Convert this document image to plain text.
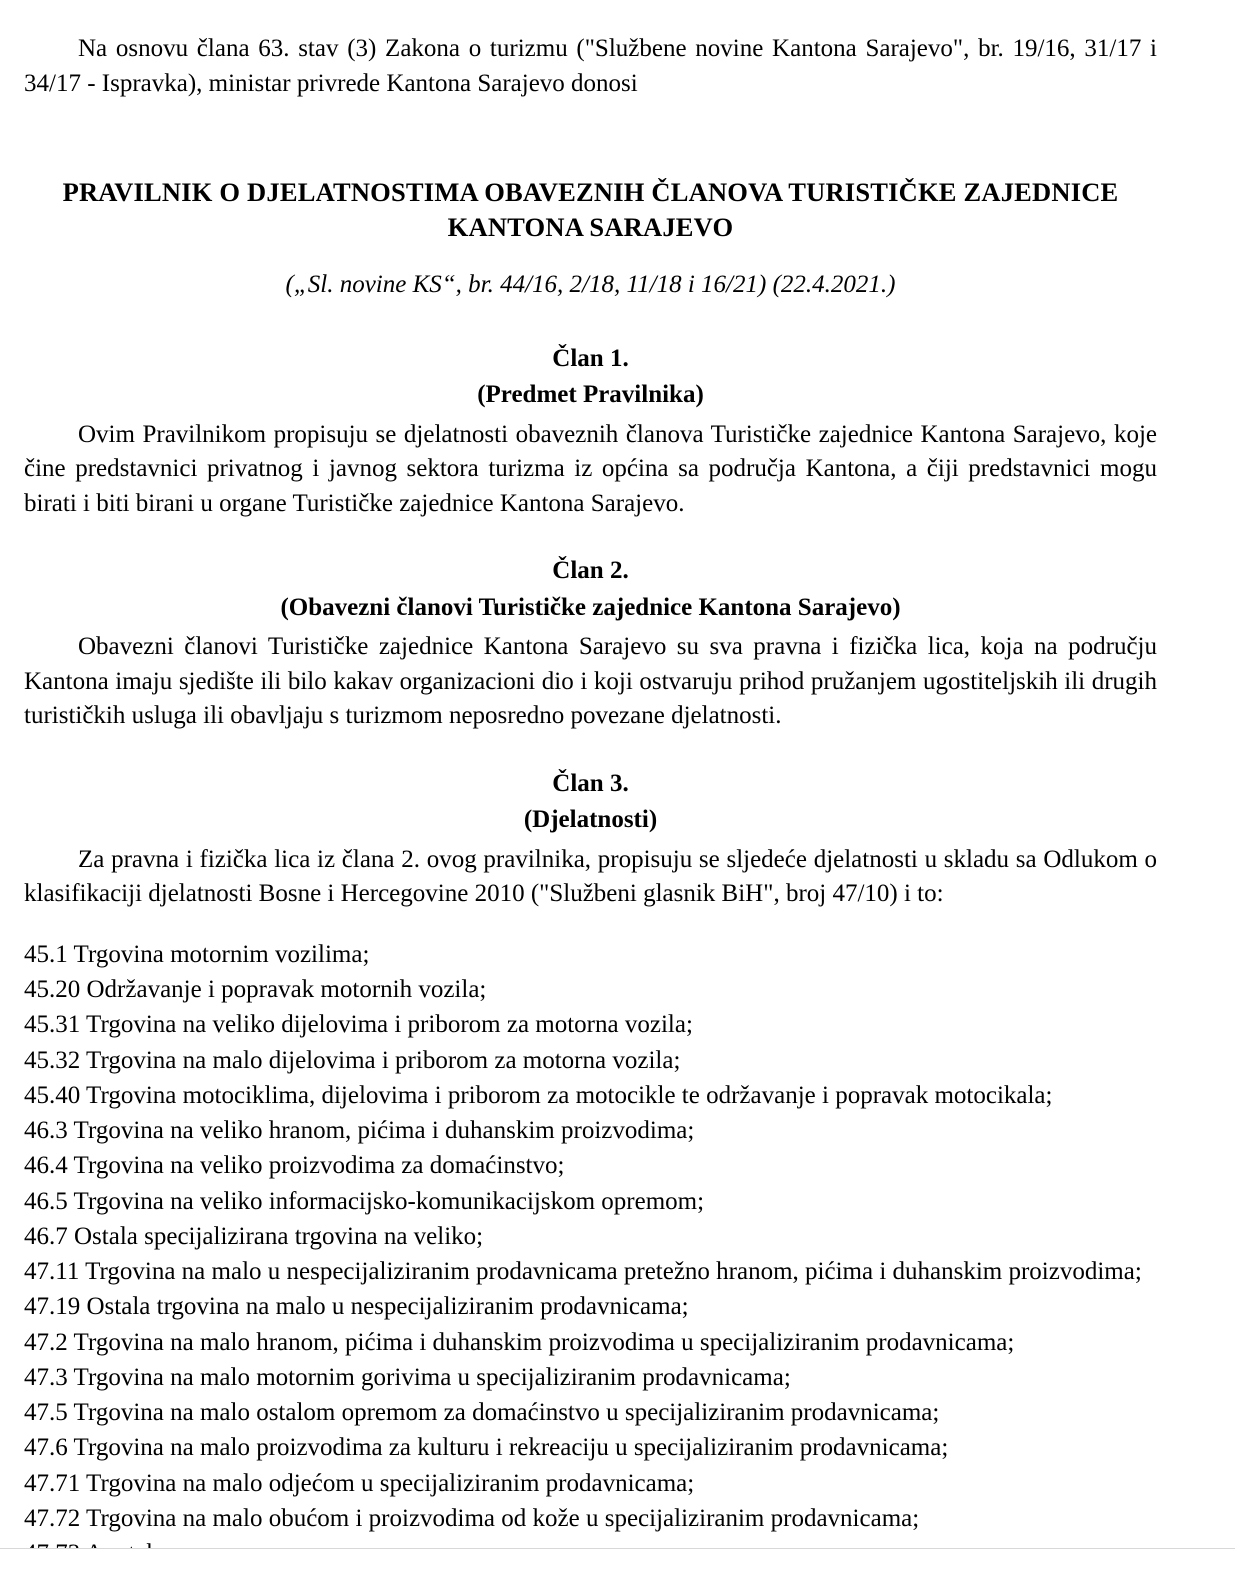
Na osnovu člana 63. stav (3) Zakona o turizmu ("Službene novine Kantona Sarajevo", br. 19/16, 31/17 i 34/17 - Ispravka), ministar privrede Kantona Sarajevo donosi

PRAVILNIK O DJELATNOSTIMA OBAVEZNIH ČLANOVA TURISTIČKE ZAJEDNICE KANTONA SARAJEVO
(„Sl. novine KS“, br. 44/16, 2/18, 11/18 i 16/21) (22.4.2021.)
Član 1.
(Predmet Pravilnika)

Ovim Pravilnikom propisuju se djelatnosti obaveznih članova Turističke zajednice Kantona Sarajevo, koje čine predstavnici privatnog i javnog sektora turizma iz općina sa područja Kantona, a čiji predstavnici mogu birati i biti birani u organe Turističke zajednice Kantona Sarajevo.

Član 2.
(Obavezni članovi Turističke zajednice Kantona Sarajevo)

Obavezni članovi Turističke zajednice Kantona Sarajevo su sva pravna i fizička lica, koja na području Kantona imaju sjedište ili bilo kakav organizacioni dio i koji ostvaruju prihod pružanjem ugostiteljskih ili drugih turističkih usluga ili obavljaju s turizmom neposredno povezane djelatnosti.

Član 3.
(Djelatnosti)

Za pravna i fizička lica iz člana 2. ovog pravilnika, propisuju se sljedeće djelatnosti u skladu sa Odlukom o klasifikaciji djelatnosti Bosne i Hercegovine 2010 ("Službeni glasnik BiH", broj 47/10) i to:

45.1 Trgovina motornim vozilima;
45.20 Održavanje i popravak motornih vozila;
45.31 Trgovina na veliko dijelovima i priborom za motorna vozila;
45.32 Trgovina na malo dijelovima i priborom za motorna vozila;
45.40 Trgovina motociklima, dijelovima i priborom za motocikle te održavanje i popravak motocikala;
46.3 Trgovina na veliko hranom, pićima i duhanskim proizvodima;
46.4 Trgovina na veliko proizvodima za domaćinstvo;
46.5 Trgovina na veliko informacijsko-komunikacijskom opremom;
46.7 Ostala specijalizirana trgovina na veliko;
47.11 Trgovina na malo u nespecijaliziranim prodavnicama pretežno hranom, pićima i duhanskim proizvodima;
47.19 Ostala trgovina na malo u nespecijaliziranim prodavnicama;
47.2 Trgovina na malo hranom, pićima i duhanskim proizvodima u specijaliziranim prodavnicama;
47.3 Trgovina na malo motornim gorivima u specijaliziranim prodavnicama;
47.5 Trgovina na malo ostalom opremom za domaćinstvo u specijaliziranim prodavnicama;
47.6 Trgovina na malo proizvodima za kulturu i rekreaciju u specijaliziranim prodavnicama;
47.71 Trgovina na malo odjećom u specijaliziranim prodavnicama;
47.72 Trgovina na malo obućom i proizvodima od kože u specijaliziranim prodavnicama;
